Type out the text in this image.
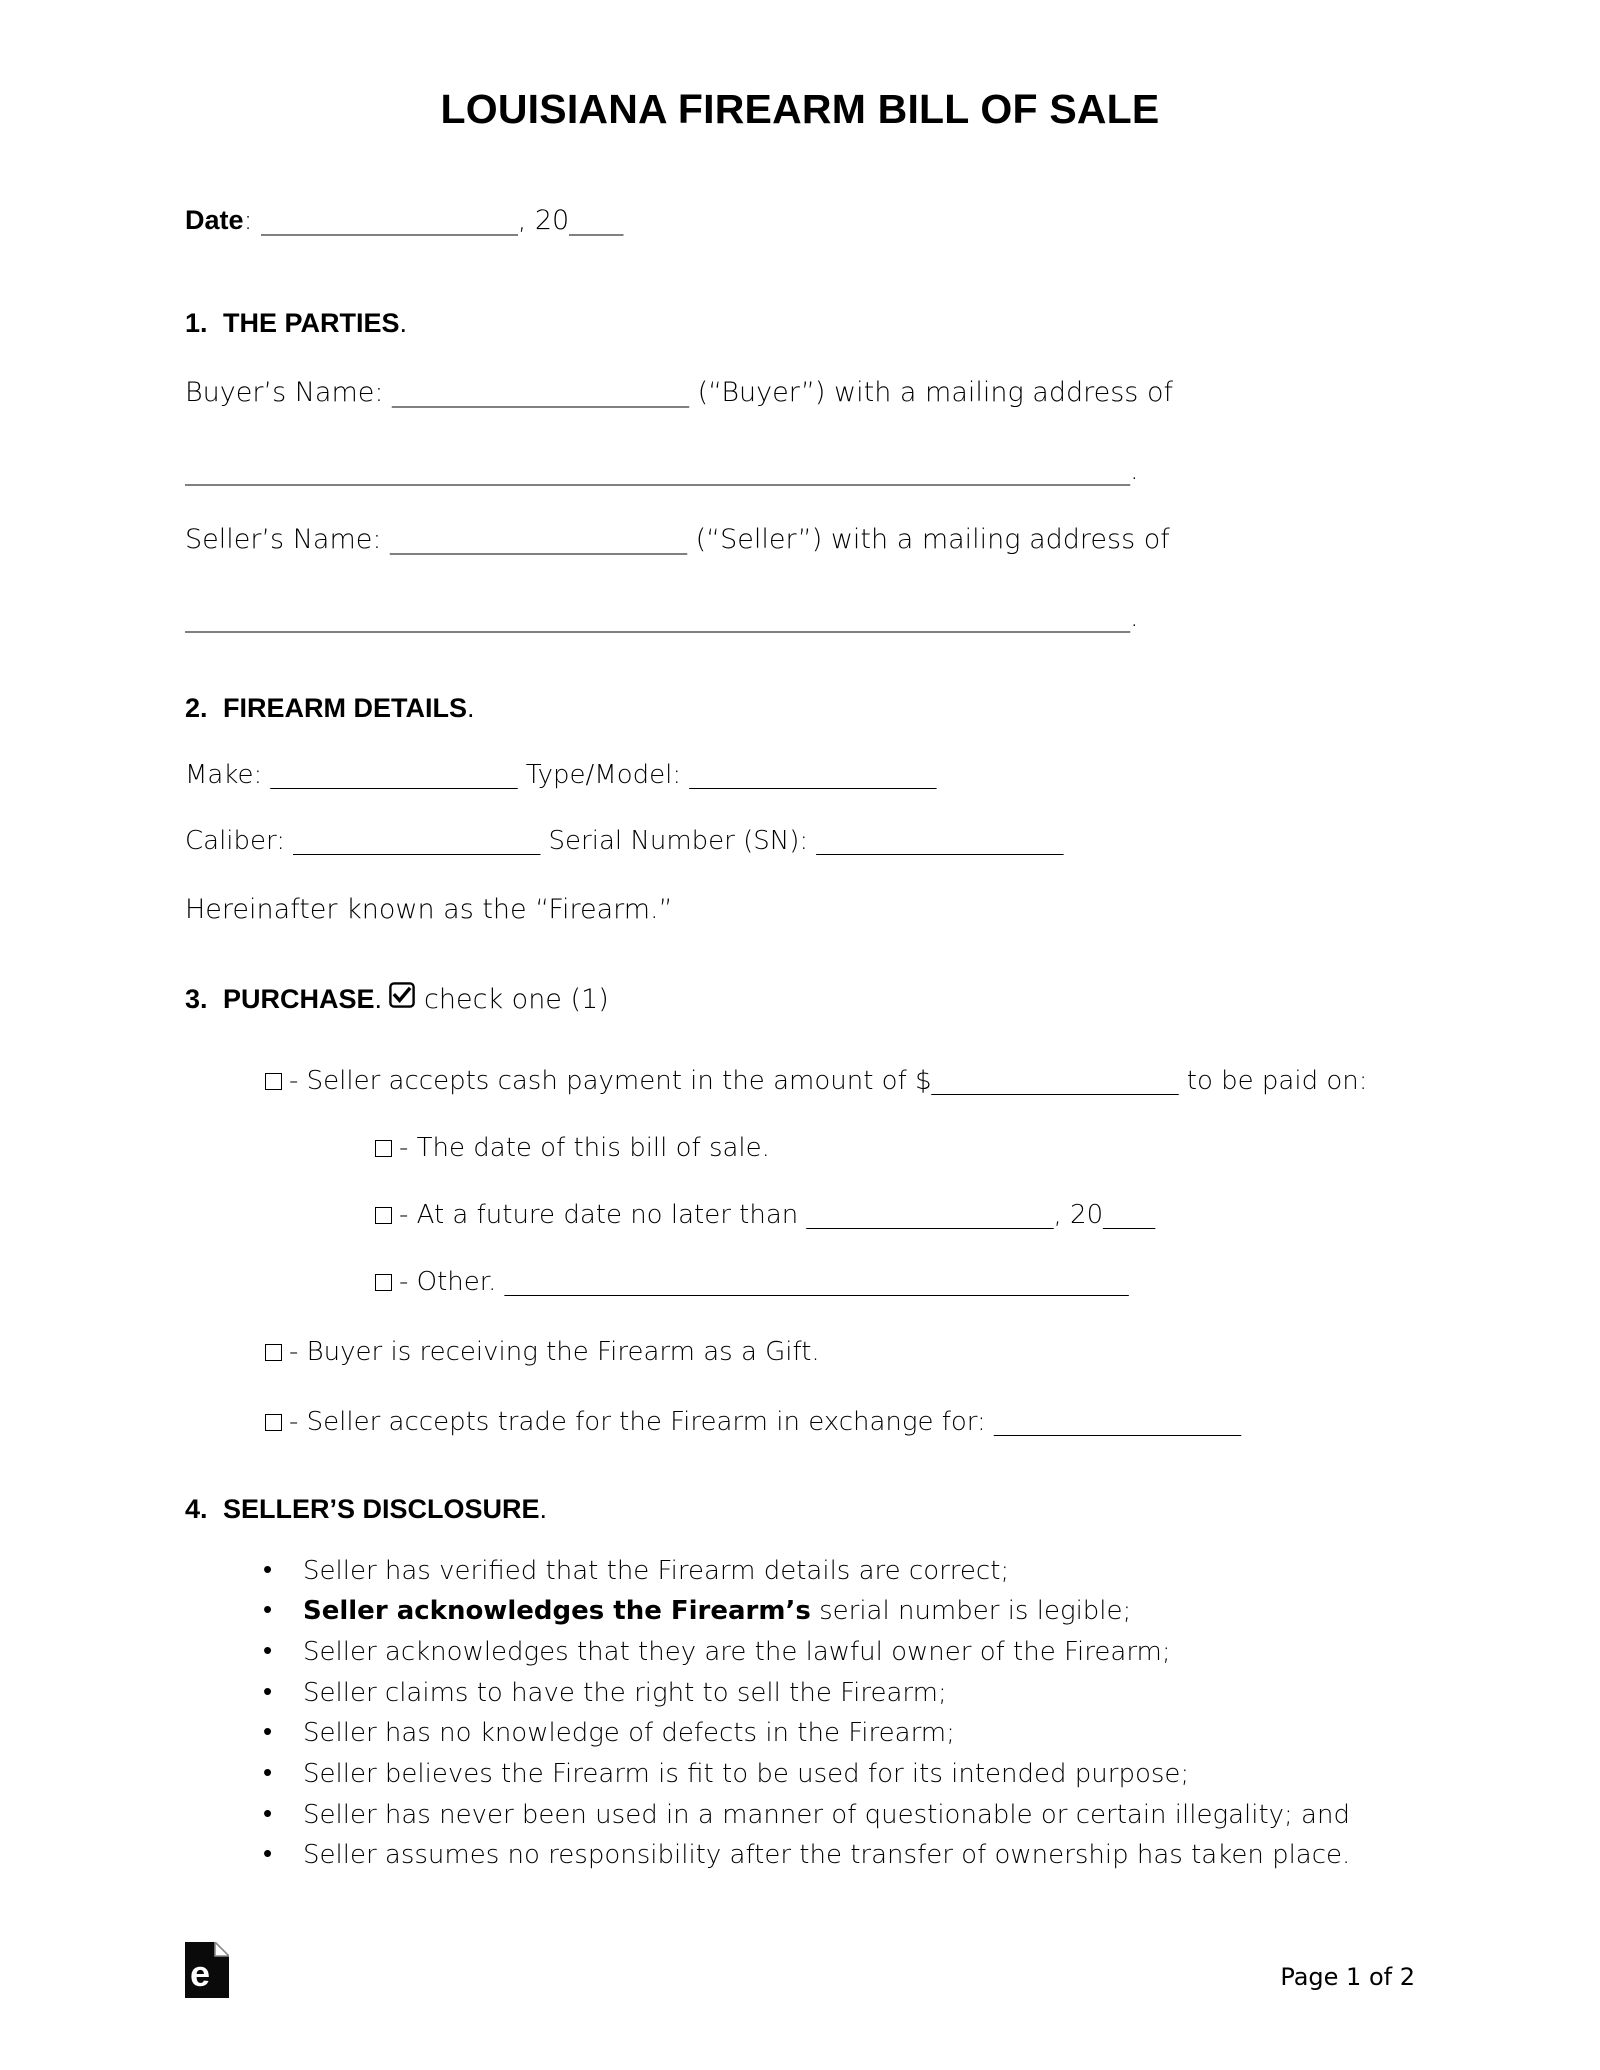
LOUISIANA FIREARM BILL OF SALE
Date: ___________________, 20____
1. THE PARTIES .
Buyer’s Name: ______________________ (“Buyer”) with a mailing address of
______________________________________________________________________.
Seller’s Name: ______________________ (“Seller”) with a mailing address of
______________________________________________________________________.
2. FIREARM DETAILS .
Make: ___________________ Type/Model: ___________________
Caliber: ___________________ Serial Number (SN): ___________________
Hereinafter known as the “Firearm.”
3. PURCHASE . check one (1)
- Seller accepts cash payment in the amount of $___________________ to be paid on:
- The date of this bill of sale.
- At a future date no later than ___________________, 20____
- Other. ________________________________________________
- Buyer is receiving the Firearm as a Gift.
- Seller accepts trade for the Firearm in exchange for: ___________________
4. SELLER’S DISCLOSURE .
• Seller has verified that the Firearm details are correct;
• Seller acknowledges the Firearm’s serial number is legible;
• Seller acknowledges that they are the lawful owner of the Firearm;
• Seller claims to have the right to sell the Firearm;
• Seller has no knowledge of defects in the Firearm;
• Seller believes the Firearm is fit to be used for its intended purpose;
• Seller has never been used in a manner of questionable or certain illegality; and
• Seller assumes no responsibility after the transfer of ownership has taken place.
e	Page 1 of 2
